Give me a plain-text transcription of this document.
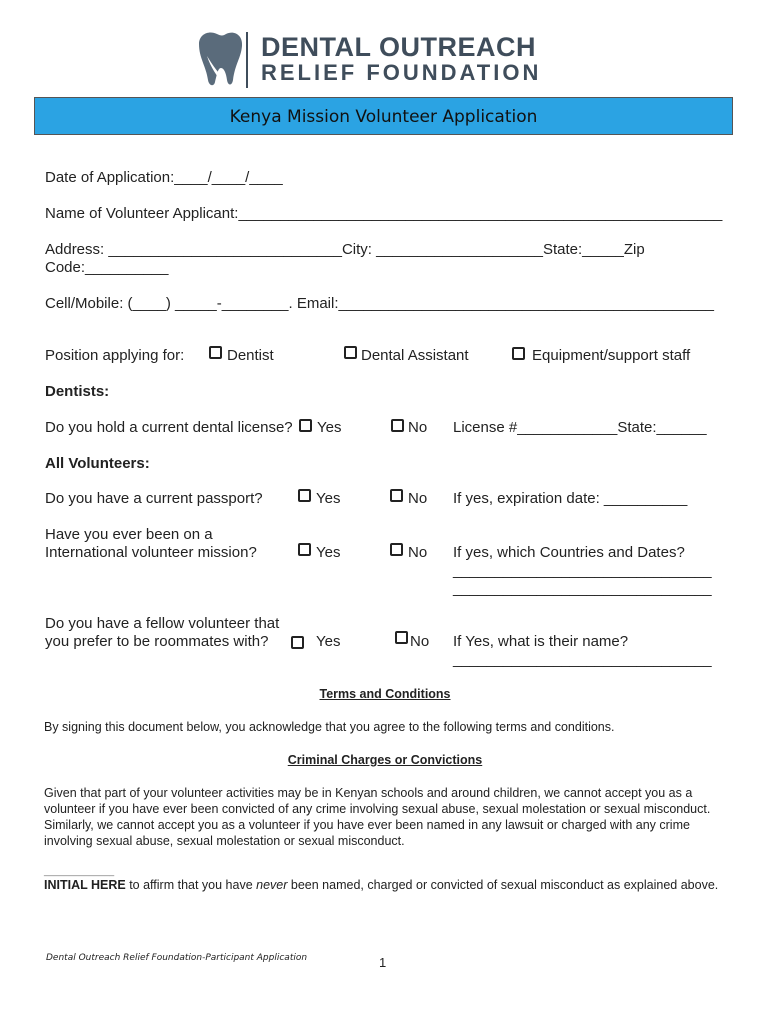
DENTAL OUTREACH
RELIEF FOUNDATION
Kenya Mission Volunteer Application
Date of Application:____/____/____
Name of Volunteer Applicant:__________________________________________________________
Address: ____________________________City: ____________________State:_____Zip
Code:__________
Cell/Mobile: (____) _____-________. Email:_____________________________________________
Position applying for:	Dentist	Dental Assistant	Equipment/support staff
Dentists:
Do you hold a current dental license? Yes	No License #____________State:______
All Volunteers:
Do you have a current passport?	Yes	No If yes, expiration date: __________
Have you ever been on a
International volunteer mission?	Yes	No If yes, which Countries and Dates?
_______________________________
_______________________________
Do you have a fellow volunteer that
you prefer to be roommates with?	Yes	No If Yes, what is their name?
_______________________________
Terms and Conditions
By signing this document below, you acknowledge that you agree to the following terms and conditions.
Criminal Charges or Convictions
Given that part of your volunteer activities may be in Kenyan schools and around children, we cannot accept you as a volunteer if you have ever been convicted of any crime involving sexual abuse, sexual molestation or sexual misconduct. Similarly, we cannot accept you as a volunteer if you have ever been named in any lawsuit or charged with any crime involving sexual abuse, sexual molestation or sexual misconduct.
______________
INITIAL HERE to affirm that you have never been named, charged or convicted of sexual misconduct as explained above.
Dental Outreach Relief Foundation-Participant Application	1
